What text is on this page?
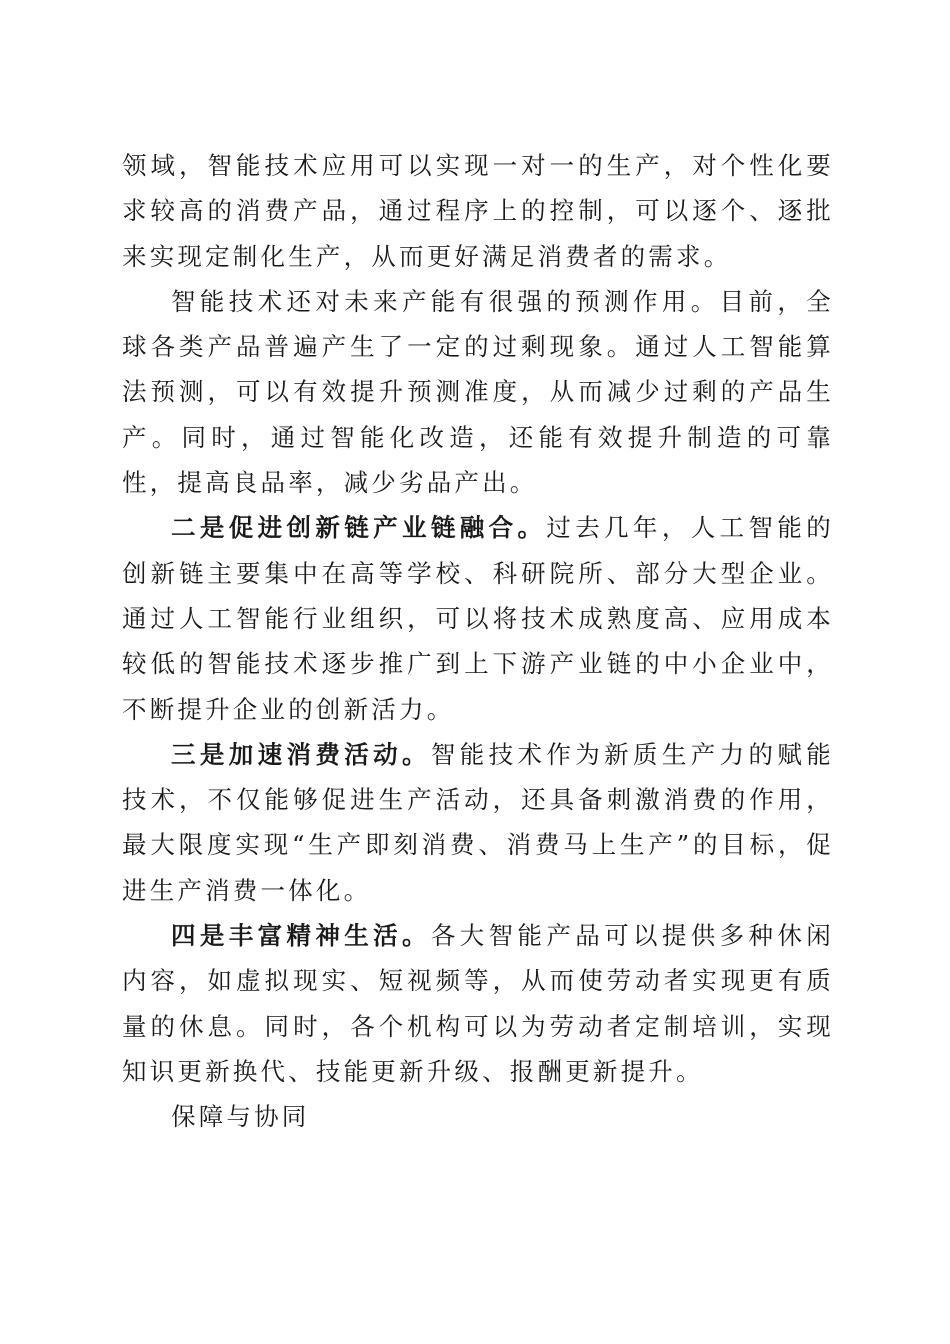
领域，智能技术应用可以实现一对一的生产，对个性化要求较高的消费产品，通过程序上的控制，可以逐个、逐批来实现定制化生产，从而更好满足消费者的需求。

智能技术还对未来产能有很强的预测作用。目前，全球各类产品普遍产生了一定的过剩现象。通过人工智能算法预测，可以有效提升预测准度，从而减少过剩的产品生产。同时，通过智能化改造，还能有效提升制造的可靠性，提高良品率，减少劣品产出。

二是促进创新链产业链融合。过去几年，人工智能的创新链主要集中在高等学校、科研院所、部分大型企业。通过人工智能行业组织，可以将技术成熟度高、应用成本较低的智能技术逐步推广到上下游产业链的中小企业中，不断提升企业的创新活力。

三是加速消费活动。智能技术作为新质生产力的赋能技术，不仅能够促进生产活动，还具备刺激消费的作用，最大限度实现“生产即刻消费、消费马上生产”的目标，促进生产消费一体化。

四是丰富精神生活。各大智能产品可以提供多种休闲内容，如虚拟现实、短视频等，从而使劳动者实现更有质量的休息。同时，各个机构可以为劳动者定制培训，实现知识更新换代、技能更新升级、报酬更新提升。

保障与协同
